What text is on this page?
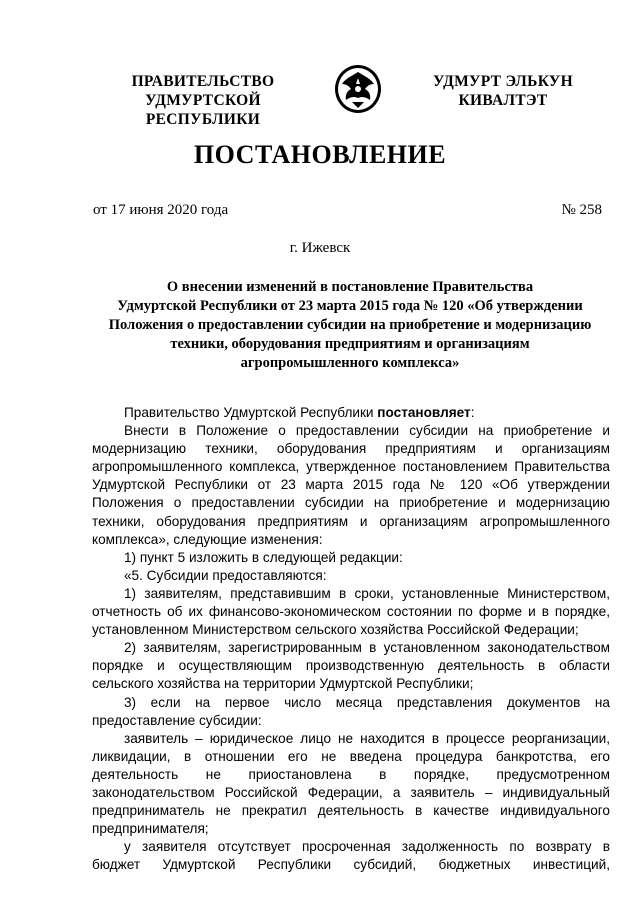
ПРАВИТЕЛЬСТВО
УДМУРТСКОЙ РЕСПУБЛИКИ
УДМУРТ ЭЛЬКУН
КИВАЛТЭТ
ПОСТАНОВЛЕНИЕ
от 17 июня 2020 года	№ 258
г. Ижевск
О внесении изменений в постановление Правительства
Удмуртской Республики от 23 марта 2015 года № 120 «Об утверждении
Положения о предоставлении субсидии на приобретение и модернизацию
техники, оборудования предприятиям и организациям
агропромышленного комплекса»
Правительство Удмуртской Республики постановляет:
Внести в Положение о предоставлении субсидии на приобретение и
модернизацию техники, оборудования предприятиям и организациям
агропромышленного комплекса, утвержденное постановлением Правительства
Удмуртской Республики от 23 марта 2015 года № 120 «Об утверждении
Положения о предоставлении субсидии на приобретение и модернизацию
техники, оборудования предприятиям и организациям агропромышленного
комплекса», следующие изменения:
1) пункт 5 изложить в следующей редакции:
«5. Субсидии предоставляются:
1) заявителям, представившим в сроки, установленные Министерством,
отчетность об их финансово-экономическом состоянии по форме и в порядке,
установленном Министерством сельского хозяйства Российской Федерации;
2) заявителям, зарегистрированным в установленном законодательством
порядке и осуществляющим производственную деятельность в области
сельского хозяйства на территории Удмуртской Республики;
3) если на первое число месяца представления документов на
предоставление субсидии:
заявитель – юридическое лицо не находится в процессе реорганизации,
ликвидации, в отношении его не введена процедура банкротства, его
деятельность не приостановлена в порядке, предусмотренном
законодательством Российской Федерации, а заявитель – индивидуальный
предприниматель не прекратил деятельность в качестве индивидуального
предпринимателя;
у заявителя отсутствует просроченная задолженность по возврату в
бюджет Удмуртской Республики субсидий, бюджетных инвестиций,
